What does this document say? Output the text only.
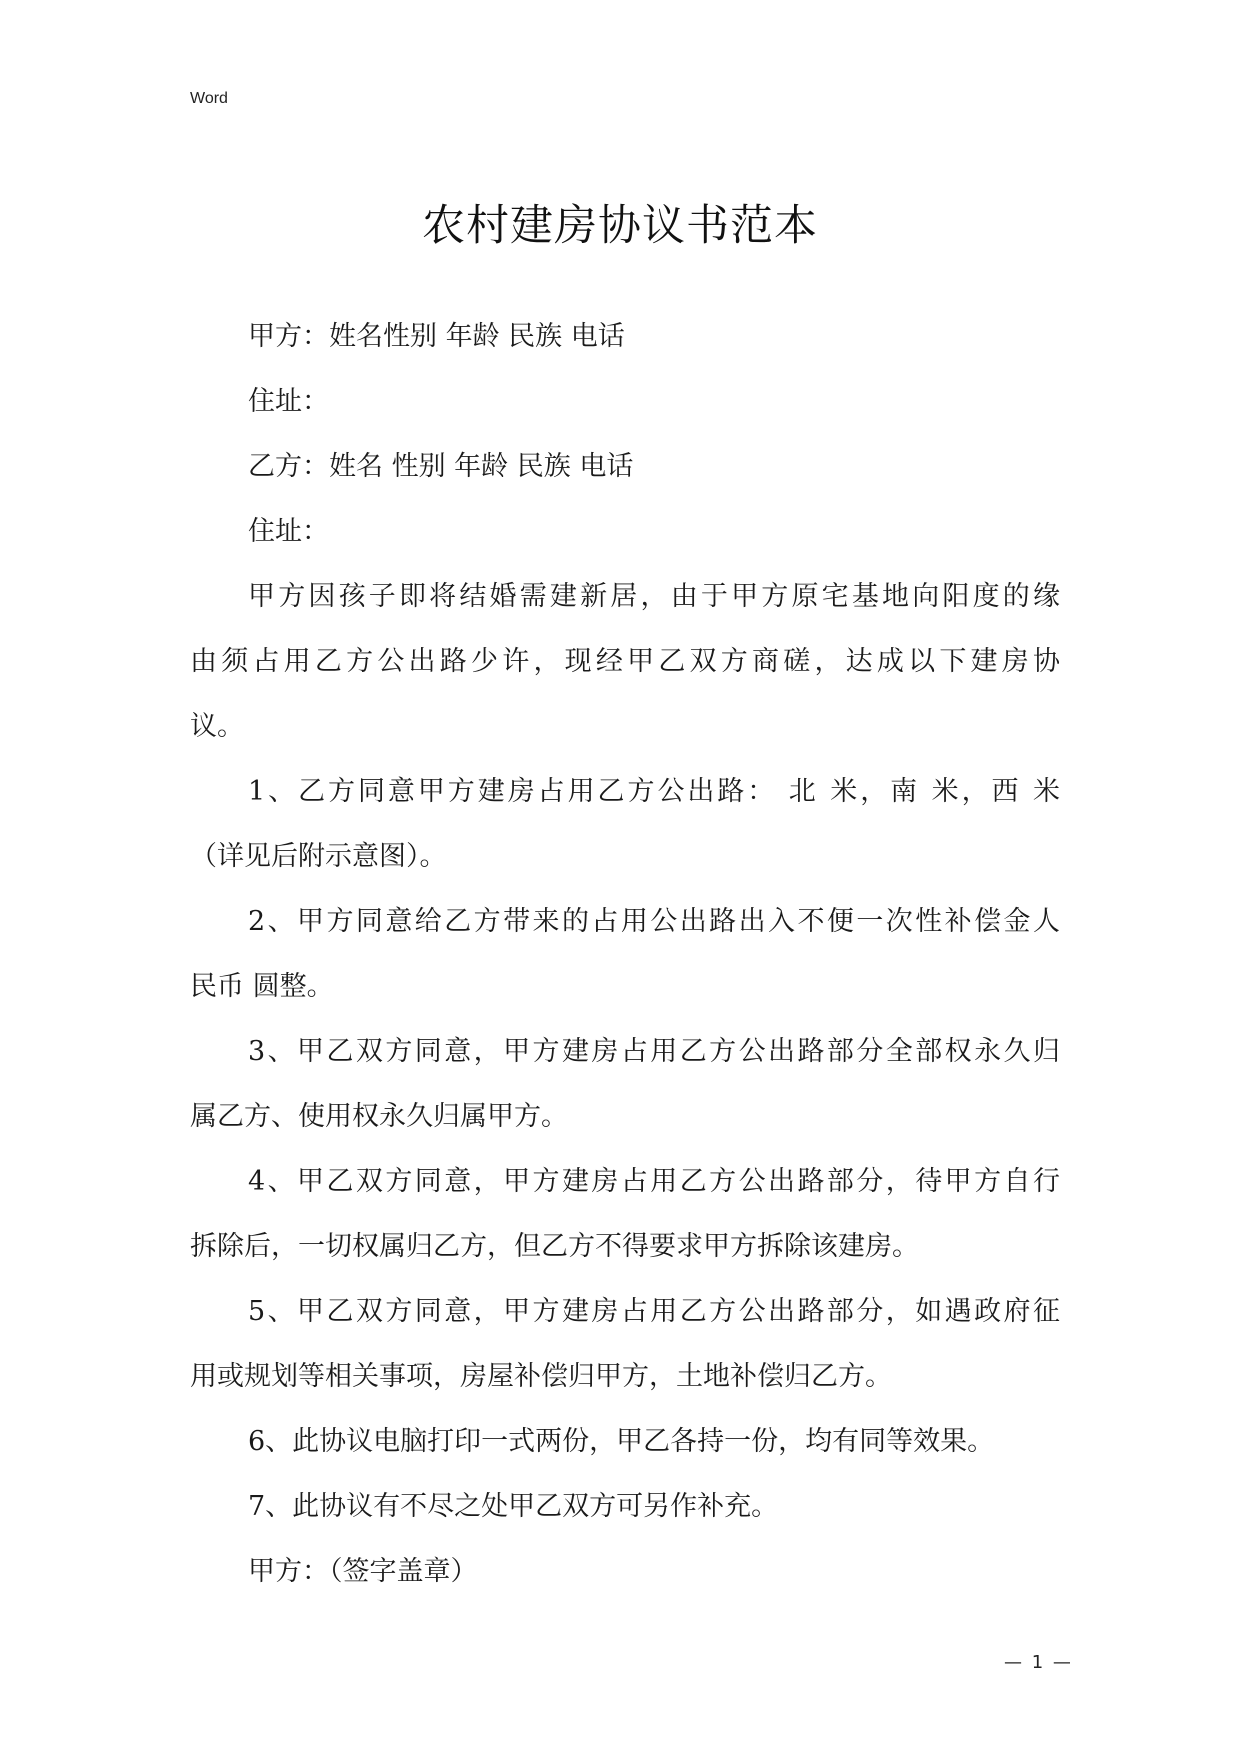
Word
农村建房协议书范本
甲方：姓名性别 年龄 民族 电话
住址：
乙方：姓名 性别 年龄 民族 电话
住址：
甲方因孩子即将结婚需建新居，由于甲方原宅基地向阳度的缘
由须占用乙方公出路少许，现经甲乙双方商磋，达成以下建房协
议。
1、乙方同意甲方建房占用乙方公出路： 北 米，南 米，西 米
（详见后附示意图）。
2、甲方同意给乙方带来的占用公出路出入不便一次性补偿金人
民币 圆整。
3、甲乙双方同意，甲方建房占用乙方公出路部分全部权永久归
属乙方、使用权永久归属甲方。
4、甲乙双方同意，甲方建房占用乙方公出路部分，待甲方自行
拆除后，一切权属归乙方，但乙方不得要求甲方拆除该建房。
5、甲乙双方同意，甲方建房占用乙方公出路部分，如遇政府征
用或规划等相关事项，房屋补偿归甲方，土地补偿归乙方。
6、此协议电脑打印一式两份，甲乙各持一份，均有同等效果。
7、此协议有不尽之处甲乙双方可另作补充。
甲方：（签字盖章）
— 1 —
